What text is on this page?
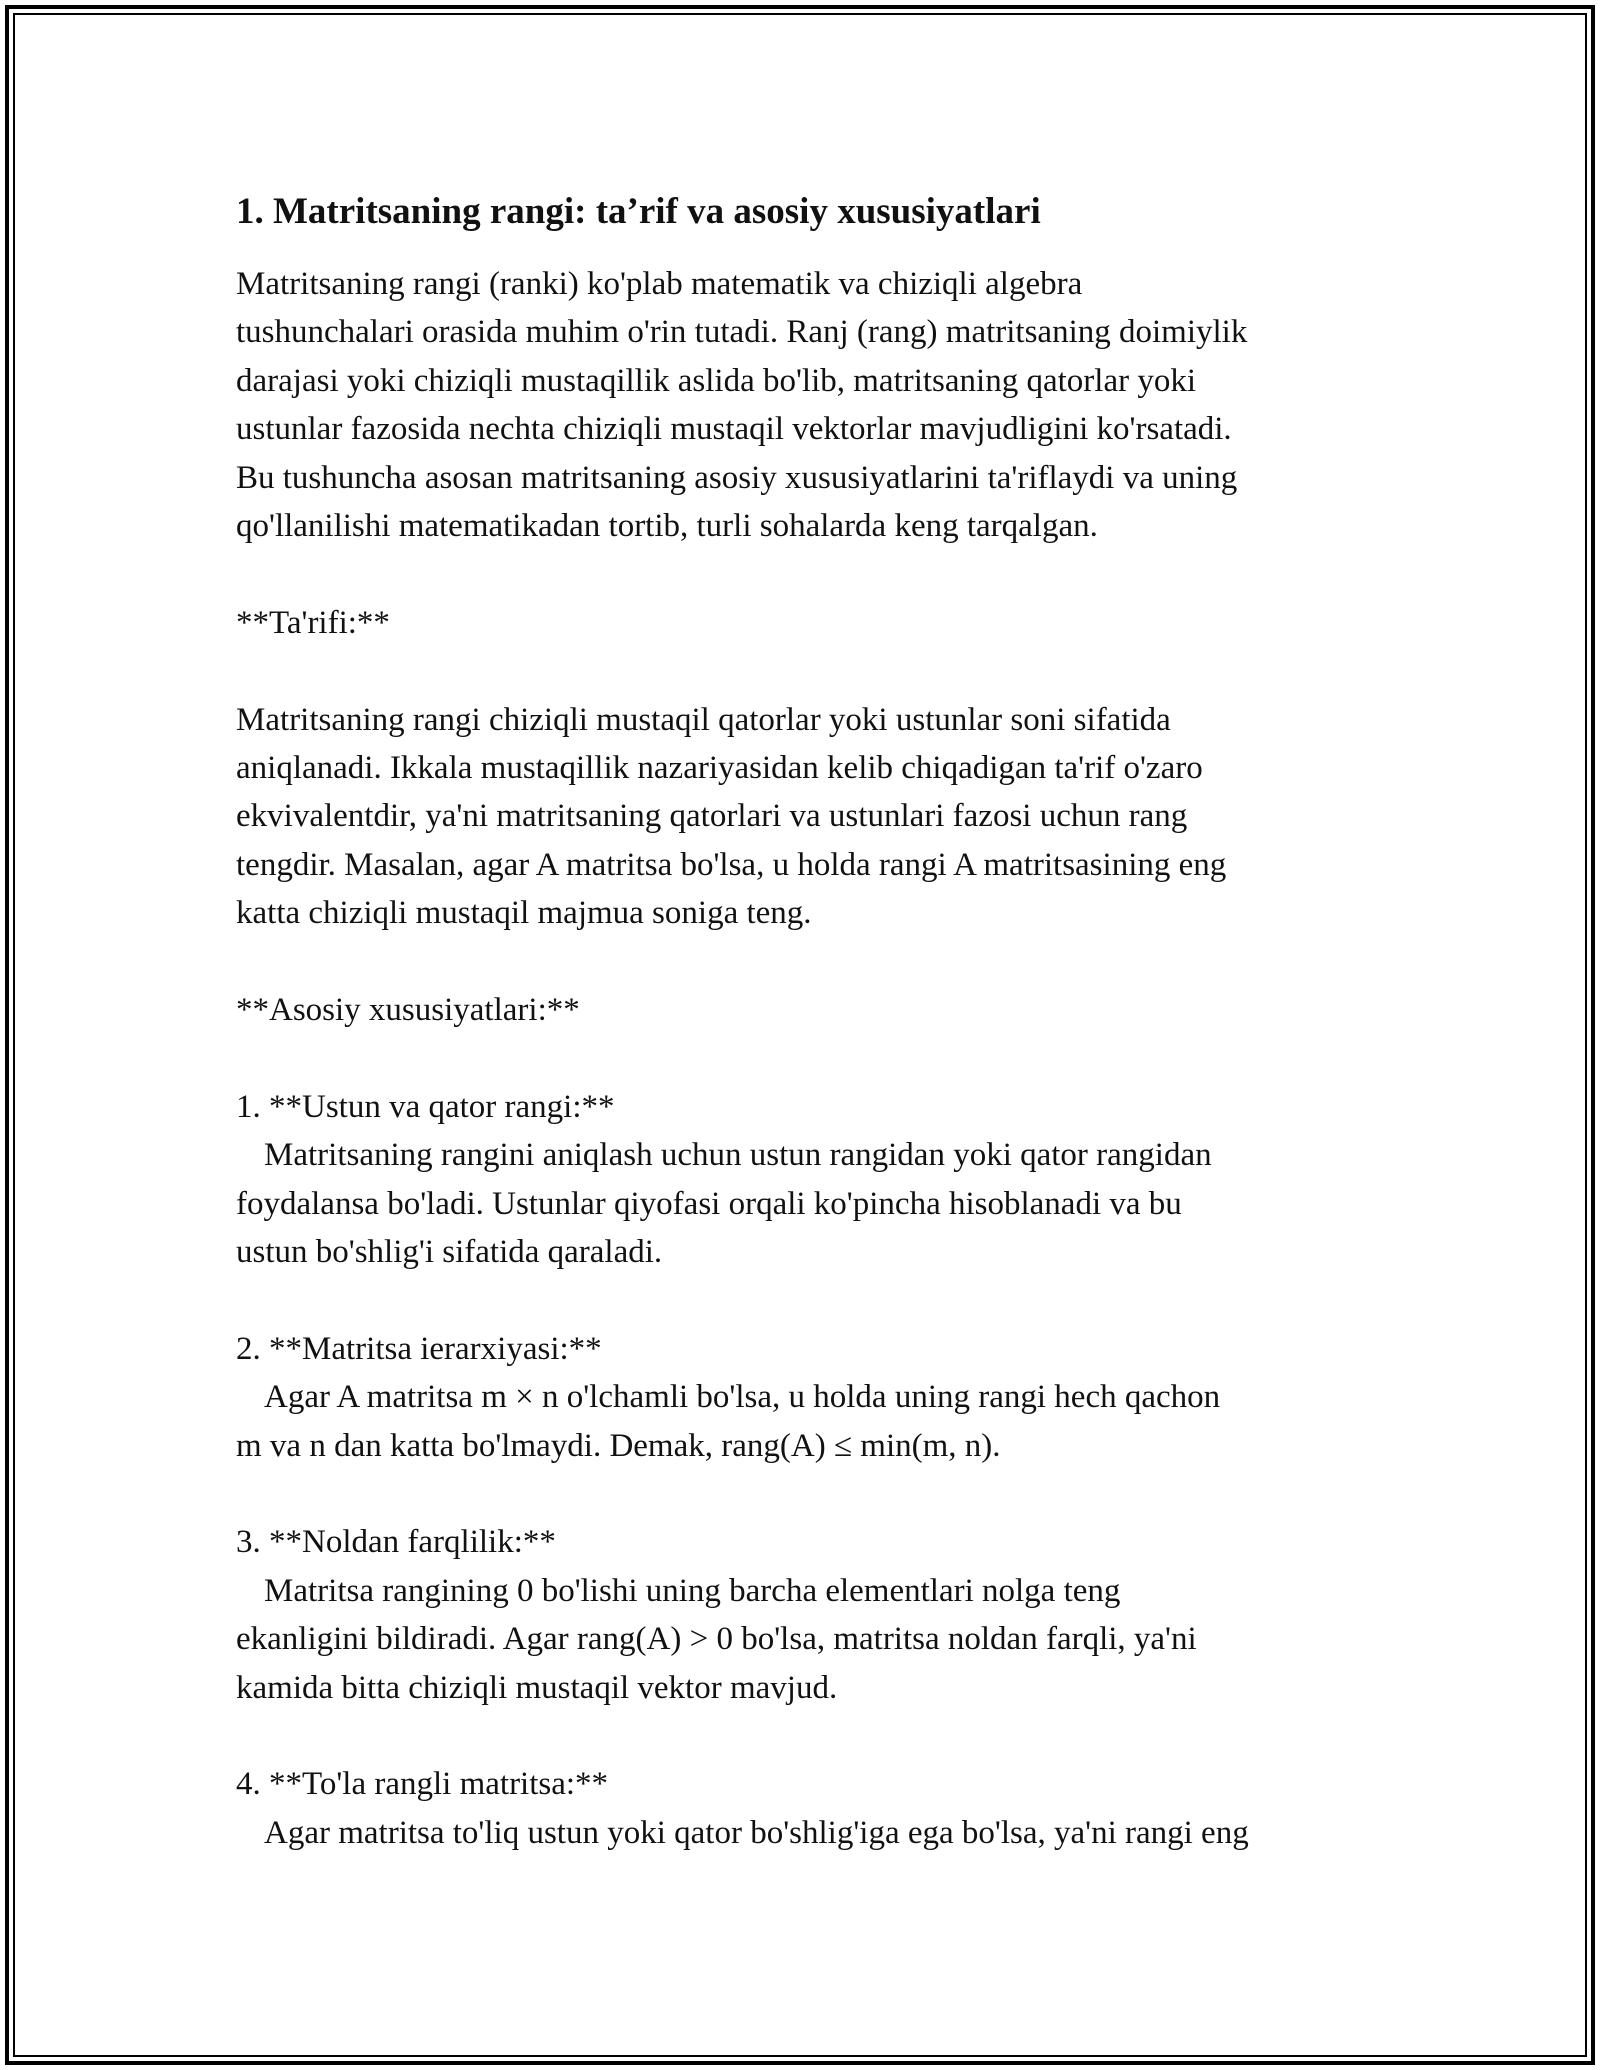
1. Matritsaning rangi: ta’rif va asosiy xususiyatlari

Matritsaning rangi (ranki) ko'plab matematik va chiziqli algebra

tushunchalari orasida muhim o'rin tutadi. Ranj (rang) matritsaning doimiylik

darajasi yoki chiziqli mustaqillik aslida bo'lib, matritsaning qatorlar yoki

ustunlar fazosida nechta chiziqli mustaqil vektorlar mavjudligini ko'rsatadi.

Bu tushuncha asosan matritsaning asosiy xususiyatlarini ta'riflaydi va uning

qo'llanilishi matematikadan tortib, turli sohalarda keng tarqalgan.

**Ta'rifi:**

Matritsaning rangi chiziqli mustaqil qatorlar yoki ustunlar soni sifatida

aniqlanadi. Ikkala mustaqillik nazariyasidan kelib chiqadigan ta'rif o'zaro

ekvivalentdir, ya'ni matritsaning qatorlari va ustunlari fazosi uchun rang

tengdir. Masalan, agar A matritsa bo'lsa, u holda rangi A matritsasining eng

katta chiziqli mustaqil majmua soniga teng.

**Asosiy xususiyatlari:**

1. **Ustun va qator rangi:**

Matritsaning rangini aniqlash uchun ustun rangidan yoki qator rangidan

foydalansa bo'ladi. Ustunlar qiyofasi orqali ko'pincha hisoblanadi va bu

ustun bo'shlig'i sifatida qaraladi.

2. **Matritsa ierarxiyasi:**

Agar A matritsa m × n o'lchamli bo'lsa, u holda uning rangi hech qachon

m va n dan katta bo'lmaydi. Demak, rang(A) ≤ min(m, n).

3. **Noldan farqlilik:**

Matritsa rangining 0 bo'lishi uning barcha elementlari nolga teng

ekanligini bildiradi. Agar rang(A) > 0 bo'lsa, matritsa noldan farqli, ya'ni

kamida bitta chiziqli mustaqil vektor mavjud.

4. **To'la rangli matritsa:**

Agar matritsa to'liq ustun yoki qator bo'shlig'iga ega bo'lsa, ya'ni rangi eng
